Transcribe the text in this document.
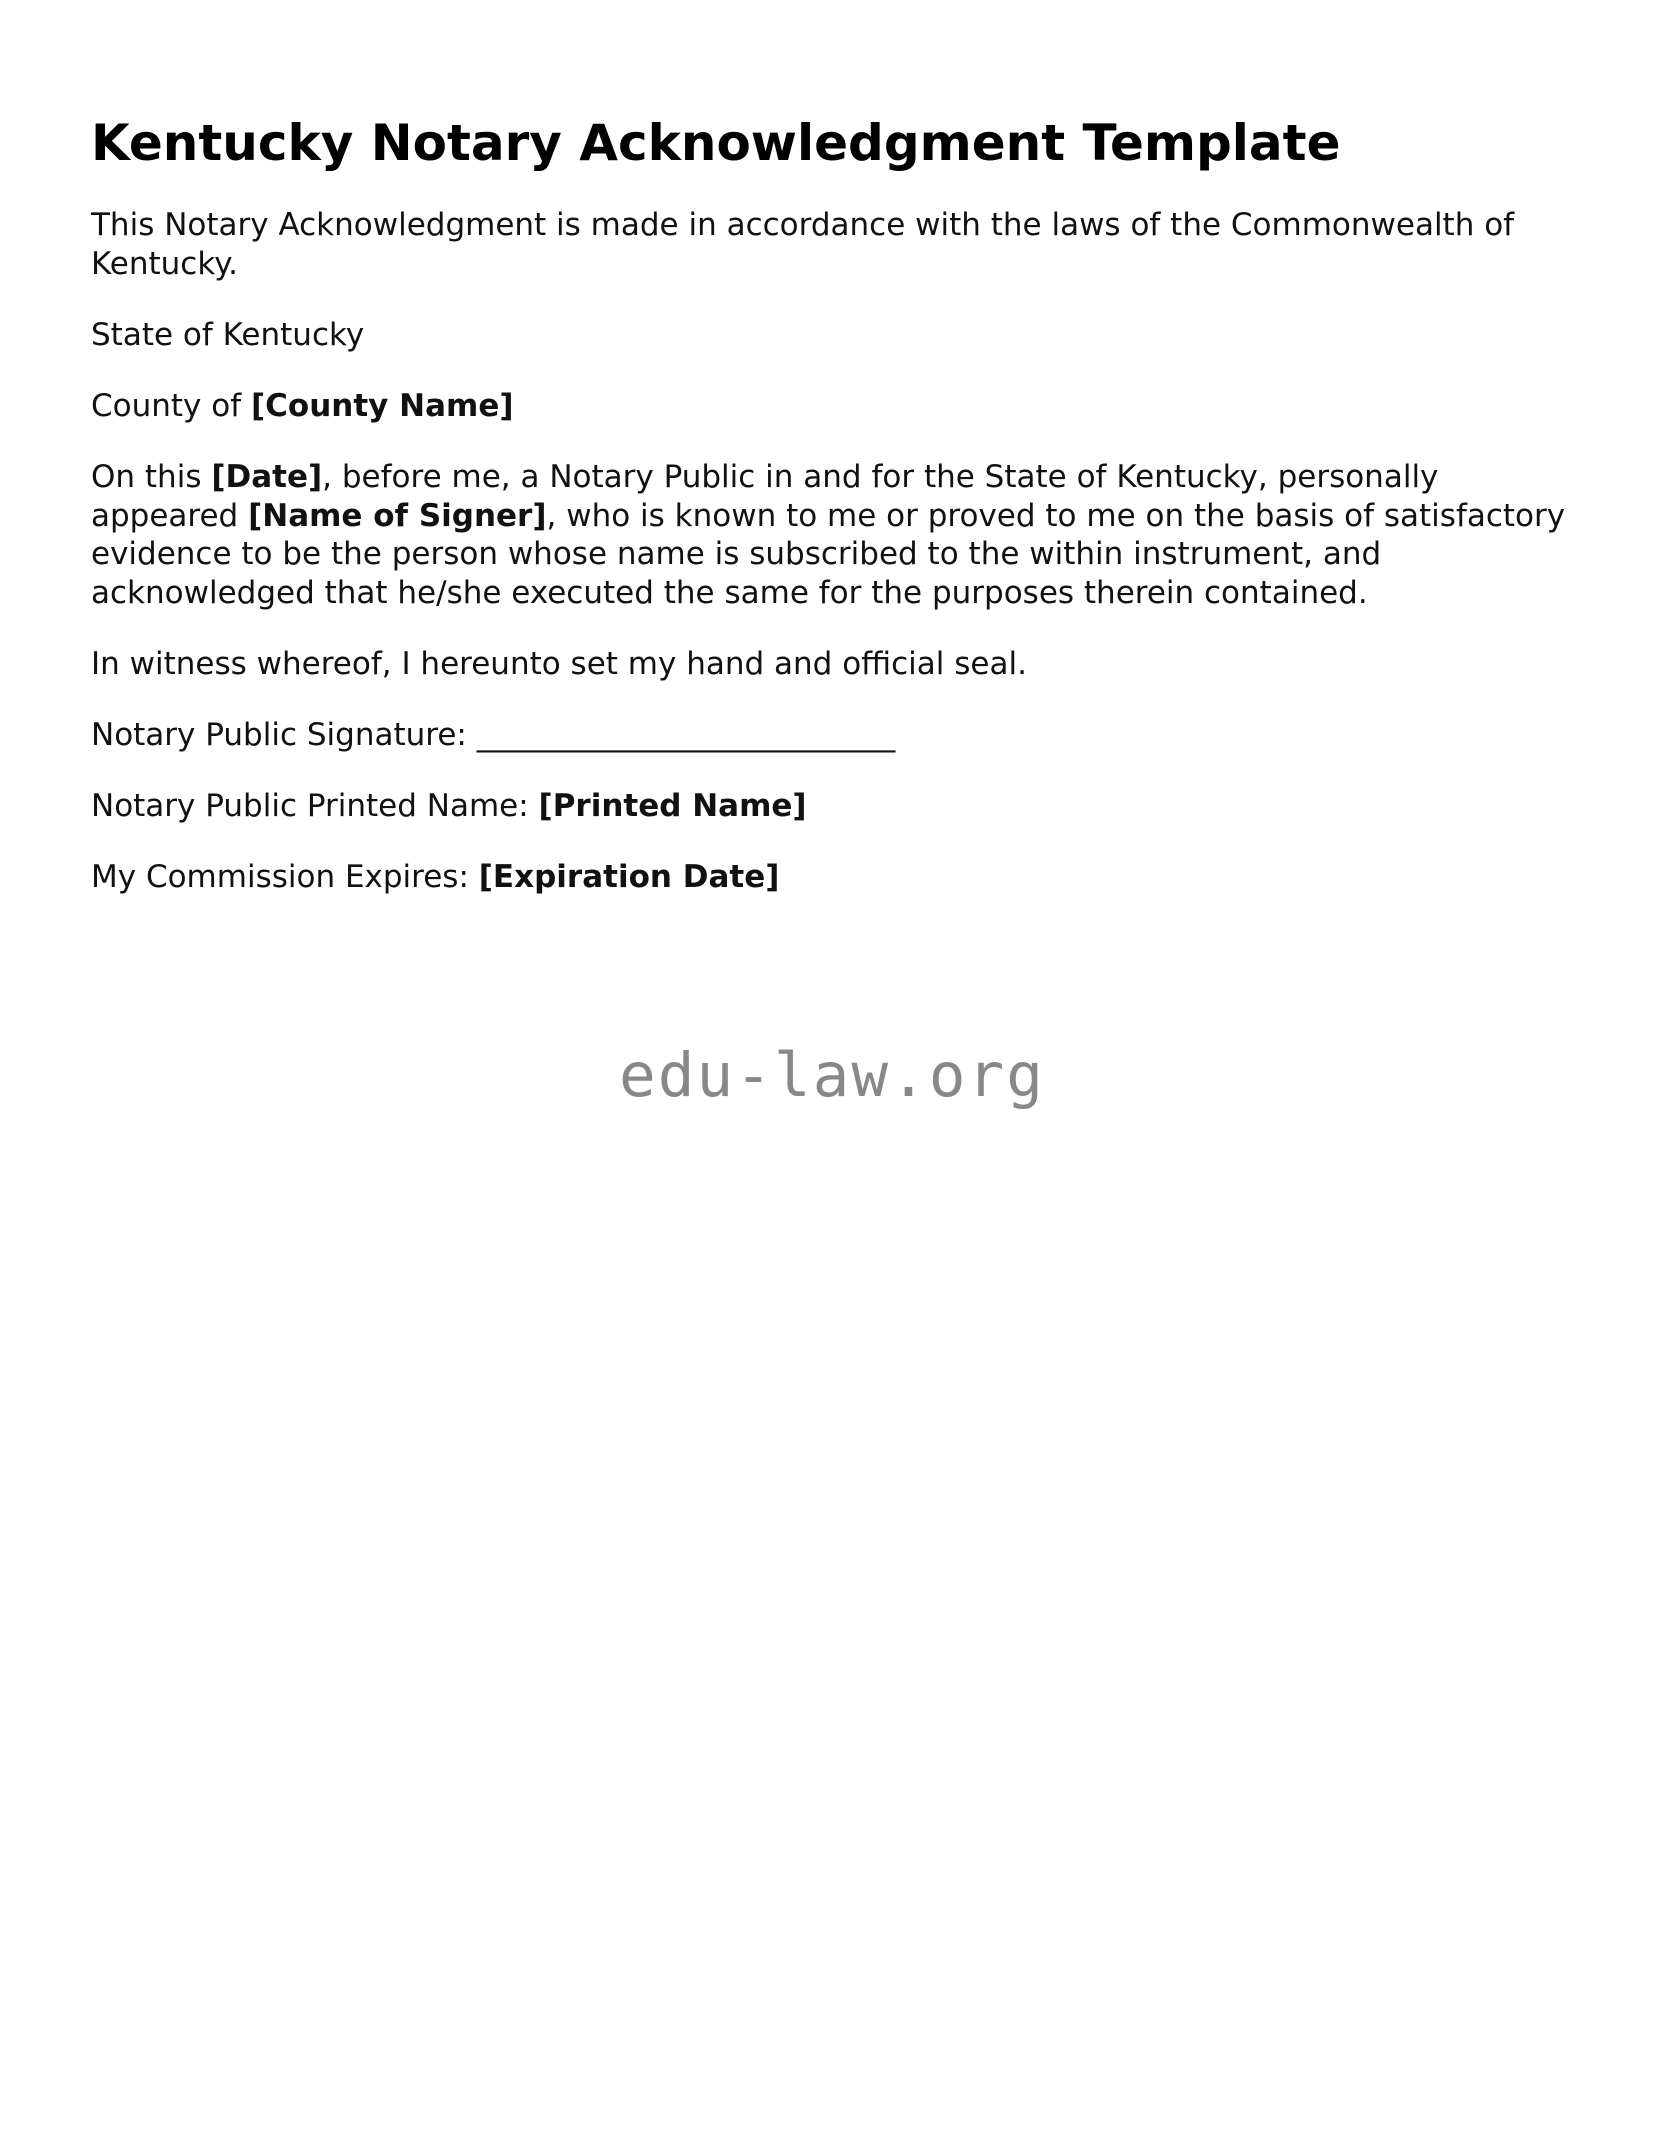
Kentucky Notary Acknowledgment Template

This Notary Acknowledgment is made in accordance with the laws of the Commonwealth of Kentucky.

State of Kentucky

County of [County Name]

On this [Date], before me, a Notary Public in and for the State of Kentucky, personally appeared [Name of Signer], who is known to me or proved to me on the basis of satisfactory evidence to be the person whose name is subscribed to the within instrument, and acknowledged that he/she executed the same for the purposes therein contained.

In witness whereof, I hereunto set my hand and official seal.

Notary Public Signature: ___________________________

Notary Public Printed Name: [Printed Name]

My Commission Expires: [Expiration Date]

edu-law.org
